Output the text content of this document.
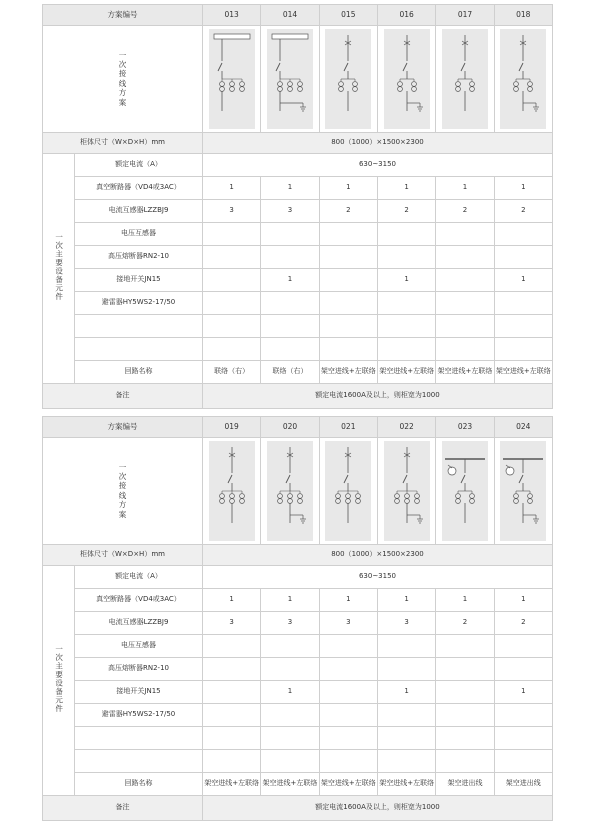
方案编号		013	014	015	016	017	018
一次接线方案	

柜体尺寸（W×D×H）mm		800（1000）×1500×2300					
一次主要设备元件	额定电流（A）	630~3150					
	真空断路器（VD4或3AC）	1	1	1	1	1	1
	电流互感器LZZBJ9	3	3	2	2	2	2
	电压互感器						
	高压熔断器RN2-10						
	接地开关JN15		1		1		1
	避雷器HY5WS2-17/50						

	回路名称	联络（右）	联络（右）	架空进线+左联络	架空进线+左联络	架空进线+左联络	架空进线+左联络
备注		额定电流1600A及以上，则柜宽为1000					
方案编号		019	020	021	022	023	024
一次接线方案	

柜体尺寸（W×D×H）mm		800（1000）×1500×2300					
一次主要设备元件	额定电流（A）	630~3150					
	真空断路器（VD4或3AC）	1	1	1	1	1	1
	电流互感器LZZBJ9	3	3	3	3	2	2
	电压互感器						
	高压熔断器RN2-10						
	接地开关JN15		1		1		1
	避雷器HY5WS2-17/50						

	回路名称	架空进线+左联络	架空进线+左联络	架空进线+左联络	架空进线+左联络	架空进出线	架空进出线
备注		额定电流1600A及以上，则柜宽为1000					
